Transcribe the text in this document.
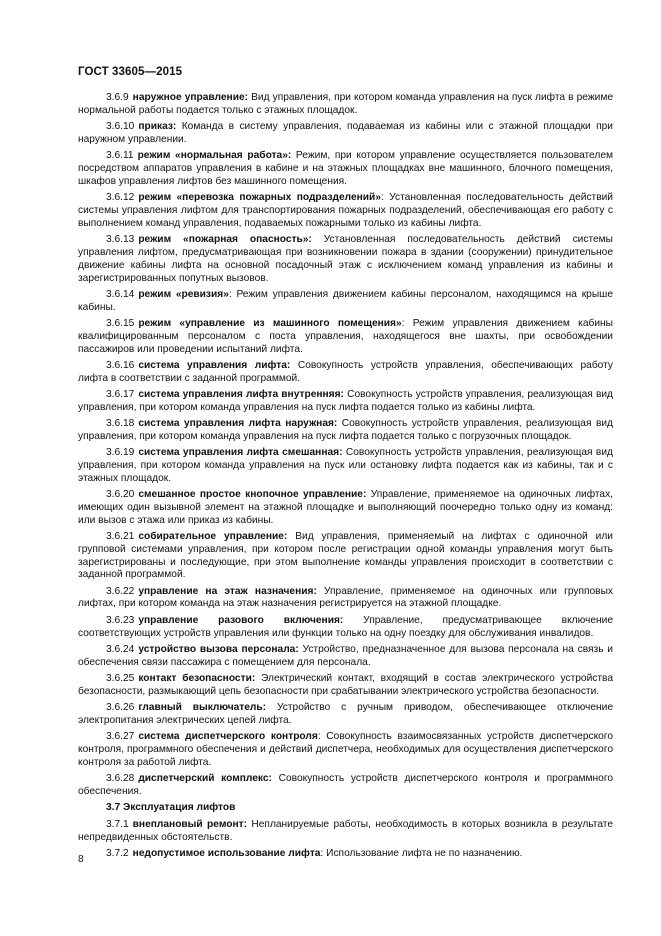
ГОСТ 33605—2015

3.6.9 наружное управление: Вид управления, при котором команда управления на пуск лифта в режиме нормальной работы подается только с этажных площадок.

3.6.10 приказ: Команда в систему управления, подаваемая из кабины или с этажной площадки при наружном управлении.

3.6.11 режим «нормальная работа»: Режим, при котором управление осуществляется пользователем посредством аппаратов управления в кабине и на этажных площадках вне машинного, блочного помещения, шкафов управления лифтов без машинного помещения.

3.6.12 режим «перевозка пожарных подразделений»: Установленная последовательность действий системы управления лифтом для транспортирования пожарных подразделений, обеспечивающая его работу с выполнением команд управления, подаваемых пожарными только из кабины лифта.

3.6.13 режим «пожарная опасность»: Установленная последовательность действий системы управления лифтом, предусматривающая при возникновении пожара в здании (сооружении) принудительное движение кабины лифта на основной посадочный этаж с исключением команд управления из кабины и зарегистрированных попутных вызовов.

3.6.14 режим «ревизия»: Режим управления движением кабины персоналом, находящимся на крыше кабины.

3.6.15 режим «управление из машинного помещения»: Режим управления движением кабины квалифицированным персоналом с поста управления, находящегося вне шахты, при освобождении пассажиров или проведении испытаний лифта.

3.6.16 система управления лифта: Совокупность устройств управления, обеспечивающих работу лифта в соответствии с заданной программой.

3.6.17 система управления лифта внутренняя: Совокупность устройств управления, реализующая вид управления, при котором команда управления на пуск лифта подается только из кабины лифта.

3.6.18 система управления лифта наружная: Совокупность устройств управления, реализующая вид управления, при котором команда управления на пуск лифта подается только с погрузочных площадок.

3.6.19 система управления лифта смешанная: Совокупность устройств управления, реализующая вид управления, при котором команда управления на пуск или остановку лифта подается как из кабины, так и с этажных площадок.

3.6.20 смешанное простое кнопочное управление: Управление, применяемое на одиночных лифтах, имеющих один вызывной элемент на этажной площадке и выполняющий поочередно только одну из команд: или вызов с этажа или приказ из кабины.

3.6.21 собирательное управление: Вид управления, применяемый на лифтах с одиночной или групповой системами управления, при котором после регистрации одной команды управления могут быть зарегистрированы и последующие, при этом выполнение команды управления происходит в соответствии с заданной программой.

3.6.22 управление на этаж назначения: Управление, применяемое на одиночных или групповых лифтах, при котором команда на этаж назначения регистрируется на этажной площадке.

3.6.23 управление разового включения: Управление, предусматривающее включение соответствующих устройств управления или функции только на одну поездку для обслуживания инвалидов.

3.6.24 устройство вызова персонала: Устройство, предназначенное для вызова персонала на связь и обеспечения связи пассажира с помещением для персонала.

3.6.25 контакт безопасности: Электрический контакт, входящий в состав электрического устройства безопасности, размыкающий цепь безопасности при срабатывании электрического устройства безопасности.

3.6.26 главный выключатель: Устройство с ручным приводом, обеспечивающее отключение электропитания электрических цепей лифта.

3.6.27 система диспетчерского контроля: Совокупность взаимосвязанных устройств диспетчерского контроля, программного обеспечения и действий диспетчера, необходимых для осуществления диспетчерского контроля за работой лифта.

3.6.28 диспетчерский комплекс: Совокупность устройств диспетчерского контроля и программного обеспечения.

3.7 Эксплуатация лифтов

3.7.1 внеплановый ремонт: Непланируемые работы, необходимость в которых возникла в результате непредвиденных обстоятельств.

3.7.2 недопустимое использование лифта: Использование лифта не по назначению.

8
